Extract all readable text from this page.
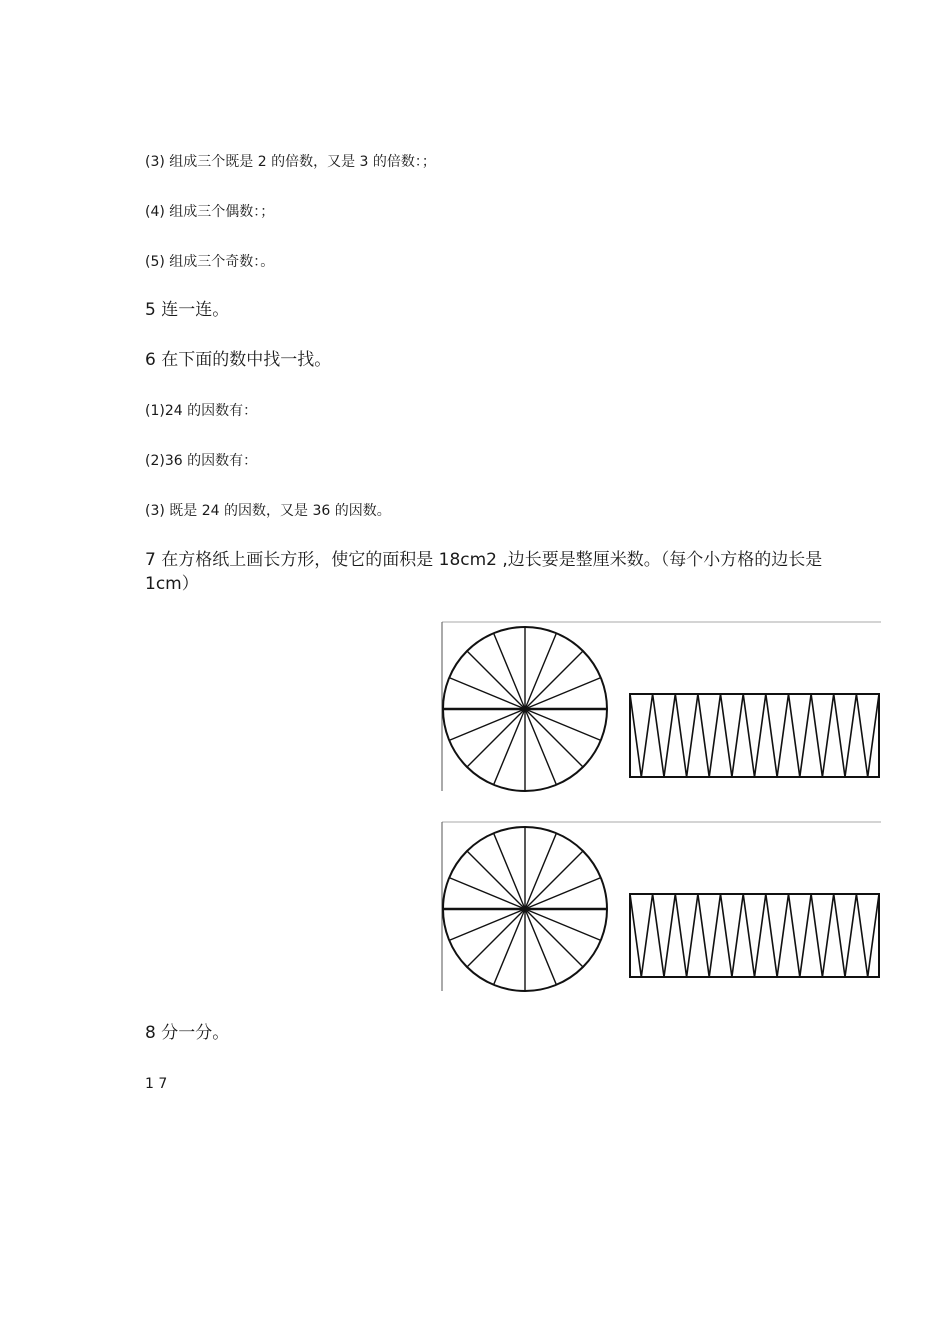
(3) 组成三个既是 2 的倍数，又是 3 的倍数：；
(4) 组成三个偶数：；
(5) 组成三个奇数：。
5 连一连。
6 在下面的数中找一找。
(1)24 的因数有：
(2)36 的因数有：
(3) 既是 24 的因数，又是 36 的因数。
7 在方格纸上画长方形，使它的面积是 18cm2 ,边长要是整厘米数。（每个小方格的边长是 1cm）
8 分一分。
1 7
